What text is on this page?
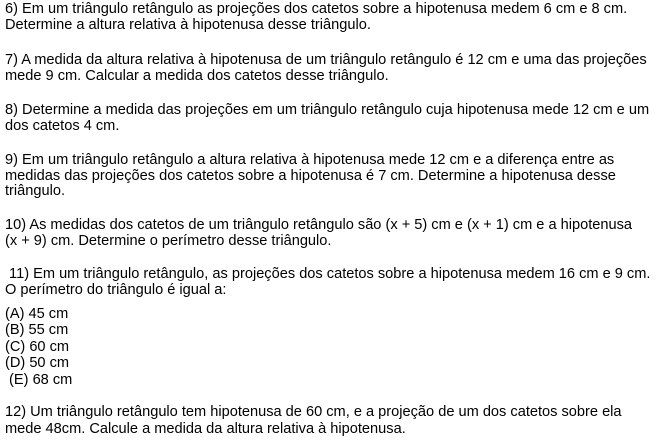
6) Em um triângulo retângulo as projeções dos catetos sobre a hipotenusa medem 6 cm e 8 cm.
Determine a altura relativa à hipotenusa desse triângulo.
7) A medida da altura relativa à hipotenusa de um triângulo retângulo é 12 cm e uma das projeções
mede 9 cm. Calcular a medida dos catetos desse triângulo.
8) Determine a medida das projeções em um triângulo retângulo cuja hipotenusa mede 12 cm e um
dos catetos 4 cm.
9) Em um triângulo retângulo a altura relativa à hipotenusa mede 12 cm e a diferença entre as
medidas das projeções dos catetos sobre a hipotenusa é 7 cm. Determine a hipotenusa desse
triângulo.
10) As medidas dos catetos de um triângulo retângulo são (x + 5) cm e (x + 1) cm e a hipotenusa
(x + 9) cm. Determine o perímetro desse triângulo.
11) Em um triângulo retângulo, as projeções dos catetos sobre a hipotenusa medem 16 cm e 9 cm.
O perímetro do triângulo é igual a:
(A) 45 cm
(B) 55 cm
(C) 60 cm
(D) 50 cm
(E) 68 cm
12) Um triângulo retângulo tem hipotenusa de 60 cm, e a projeção de um dos catetos sobre ela
mede 48cm. Calcule a medida da altura relativa à hipotenusa.
